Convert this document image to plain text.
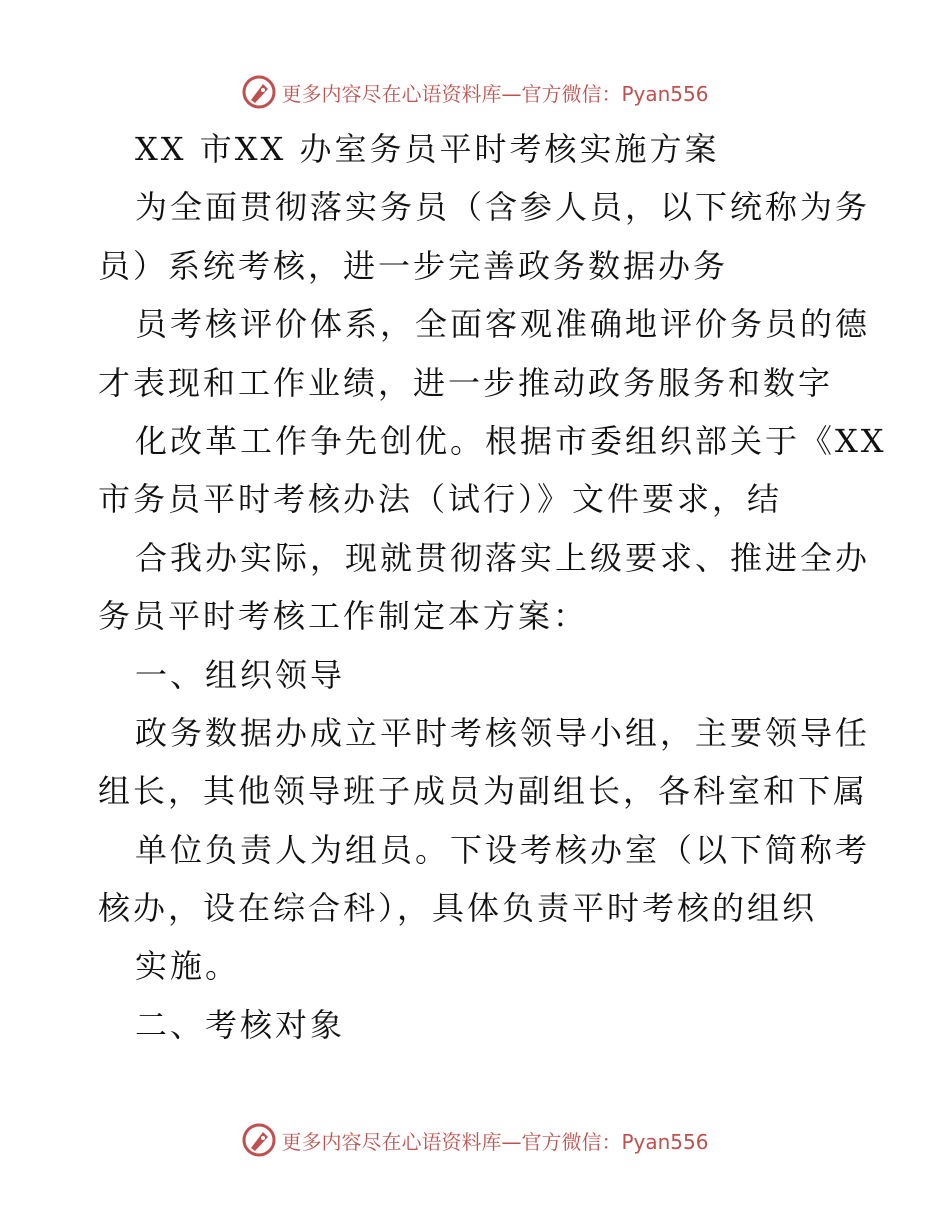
更多内容尽在心语资料库—官方微信：Pyan556
XX 市XX 办室务员平时考核实施方案
为全面贯彻落实务员（含参人员，以下统称为务
员）系统考核，进一步完善政务数据办务
员考核评价体系，全面客观准确地评价务员的德
才表现和工作业绩，进一步推动政务服务和数字
化改革工作争先创优。根据市委组织部关于《XX
市务员平时考核办法（试行）》文件要求，结
合我办实际，现就贯彻落实上级要求、推进全办
务员平时考核工作制定本方案：
一、组织领导
政务数据办成立平时考核领导小组，主要领导任
组长，其他领导班子成员为副组长，各科室和下属
单位负责人为组员。下设考核办室（以下简称考
核办，设在综合科），具体负责平时考核的组织
实施。
二、考核对象
更多内容尽在心语资料库—官方微信：Pyan556
